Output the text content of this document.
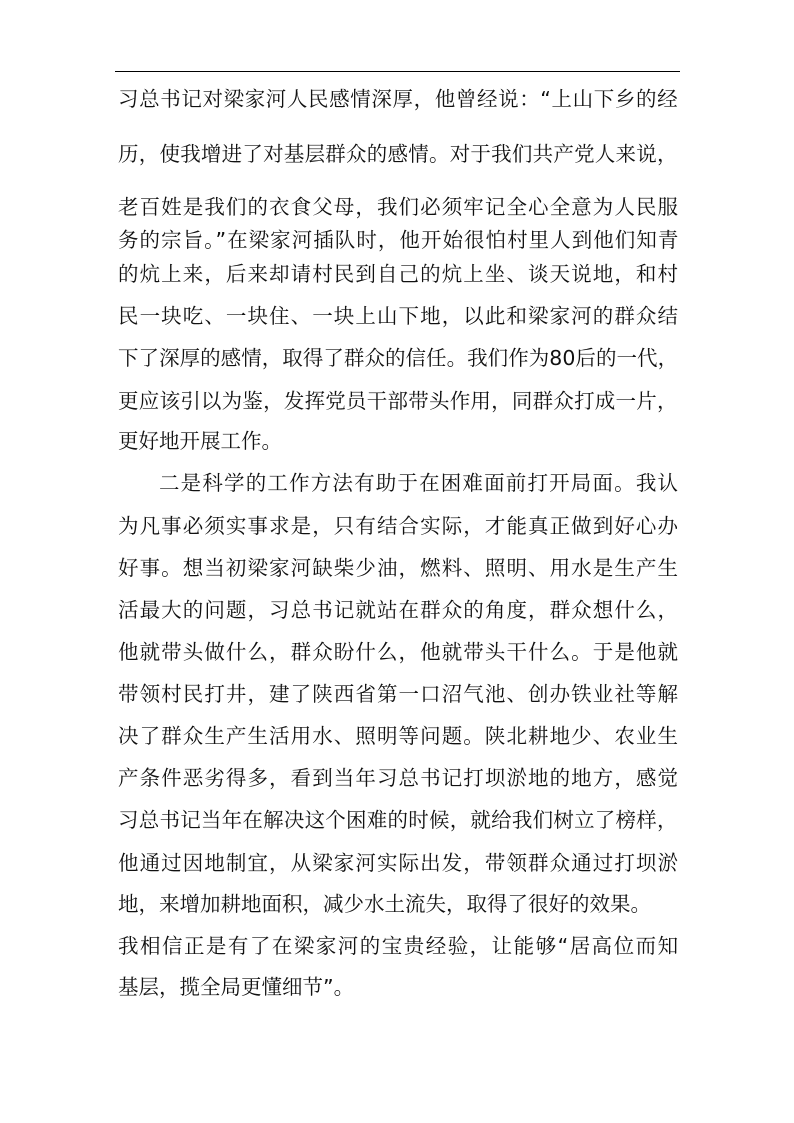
习总书记对梁家河人民感情深厚，他曾经说：“上山下乡的经
历，使我增进了对基层群众的感情。对于我们共产党人来说，
老百姓是我们的衣食父母，我们必须牢记全心全意为人民服
务的宗旨。”在梁家河插队时，他开始很怕村里人到他们知青
的炕上来，后来却请村民到自己的炕上坐、谈天说地，和村
民一块吃、一块住、一块上山下地，以此和梁家河的群众结
下了深厚的感情，取得了群众的信任。我们作为80后的一代，
更应该引以为鉴，发挥党员干部带头作用，同群众打成一片，
更好地开展工作。
二是科学的工作方法有助于在困难面前打开局面。我认
为凡事必须实事求是，只有结合实际，才能真正做到好心办
好事。想当初梁家河缺柴少油，燃料、照明、用水是生产生
活最大的问题，习总书记就站在群众的角度，群众想什么，
他就带头做什么，群众盼什么，他就带头干什么。于是他就
带领村民打井，建了陕西省第一口沼气池、创办铁业社等解
决了群众生产生活用水、照明等问题。陕北耕地少、农业生
产条件恶劣得多，看到当年习总书记打坝淤地的地方，感觉
习总书记当年在解决这个困难的时候，就给我们树立了榜样，
他通过因地制宜，从梁家河实际出发，带领群众通过打坝淤
地，来增加耕地面积，减少水土流失，取得了很好的效果。
我相信正是有了在梁家河的宝贵经验，让能够“居高位而知
基层，揽全局更懂细节”。
